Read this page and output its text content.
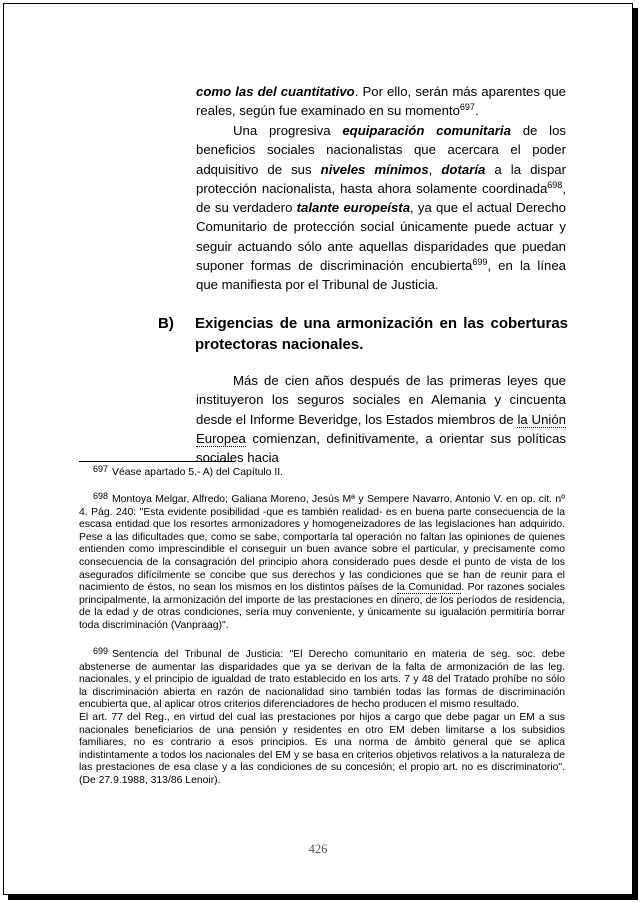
como las del cuantitativo. Por ello, serán más aparentes que reales, según fue examinado en su momento$^{697}$.

Una progresiva equiparación comunitaria de los beneficios sociales nacionalistas que acercara el poder adquisitivo de sus niveles mínimos, dotaría a la dispar protección nacionalista, hasta ahora solamente coordinada$^{698}$, de su verdadero talante europeísta, ya que el actual Derecho Comunitario de protección social únicamente puede actuar y seguir actuando sólo ante aquellas disparidades que puedan suponer formas de discriminación encubierta$^{699}$, en la línea que manifiesta por el Tribunal de Justicia.

B) Exigencias de una armonización en las coberturas protectoras nacionales.

Más de cien años después de las primeras leyes que instituyeron los seguros sociales en Alemania y cincuenta desde el Informe Beveridge, los Estados miembros de la Unión Europea comienzan, definitivamente, a orientar sus políticas sociales hacia

697 Véase apartado 5.- A) del Capítulo II.

698 Montoya Melgar, Alfredo; Galiana Moreno, Jesús Mª y Sempere Navarro, Antonio V. en op. cit. nº 4. Pág. 240: "Esta evidente posibilidad -que es también realidad- es en buena parte consecuencia de la escasa entidad que los resortes armonizadores y homogeneizadores de las legislaciones han adquirido. Pese a las dificultades que, como se sabe, comportaría tal operación no faltan las opiniones de quienes entienden como imprescindible el conseguir un buen avance sobre el particular, y precisamente como consecuencia de la consagración del principio ahora considerado pues desde el punto de vista de los asegurados difícilmente se concibe que sus derechos y las condiciones que se han de reunir para el nacimiento de éstos, no sean los mismos en los distintos países de la Comunidad. Por razones sociales principalmente, la armonización del importe de las prestaciones en dinero, de los períodos de residencia, de la edad y de otras condiciones, sería muy conveniente, y únicamente su igualación permitiría borrar toda discriminación (Vanpraag)".

699 Sentencia del Tribunal de Justicia: "El Derecho comunitario en materia de seg. soc. debe abstenerse de aumentar las disparidades que ya se derivan de la falta de armonización de las leg. nacionales, y el principio de igualdad de trato establecido en los arts. 7 y 48 del Tratado prohíbe no sólo la discriminación abierta en razón de nacionalidad sino también todas las formas de discriminación encubierta que, al aplicar otros criterios diferenciadores de hecho producen el mismo resultado.

El art. 77 del Reg., en virtud del cual las prestaciones por hijos a cargo que debe pagar un EM a sus nacionales beneficiarios de una pensión y residentes en otro EM deben limitarse a los subsidios familiares, no es contrario a esos principios. Es una norma de ámbito general que se aplica indistintamente a todos los nacionales del EM y se basa en criterios objetivos relativos a la naturaleza de las prestaciones de esa clase y a las condiciones de su concesión; el propio art. no es discriminatorio". (De 27.9.1988, 313/86 Lenoir).

426
